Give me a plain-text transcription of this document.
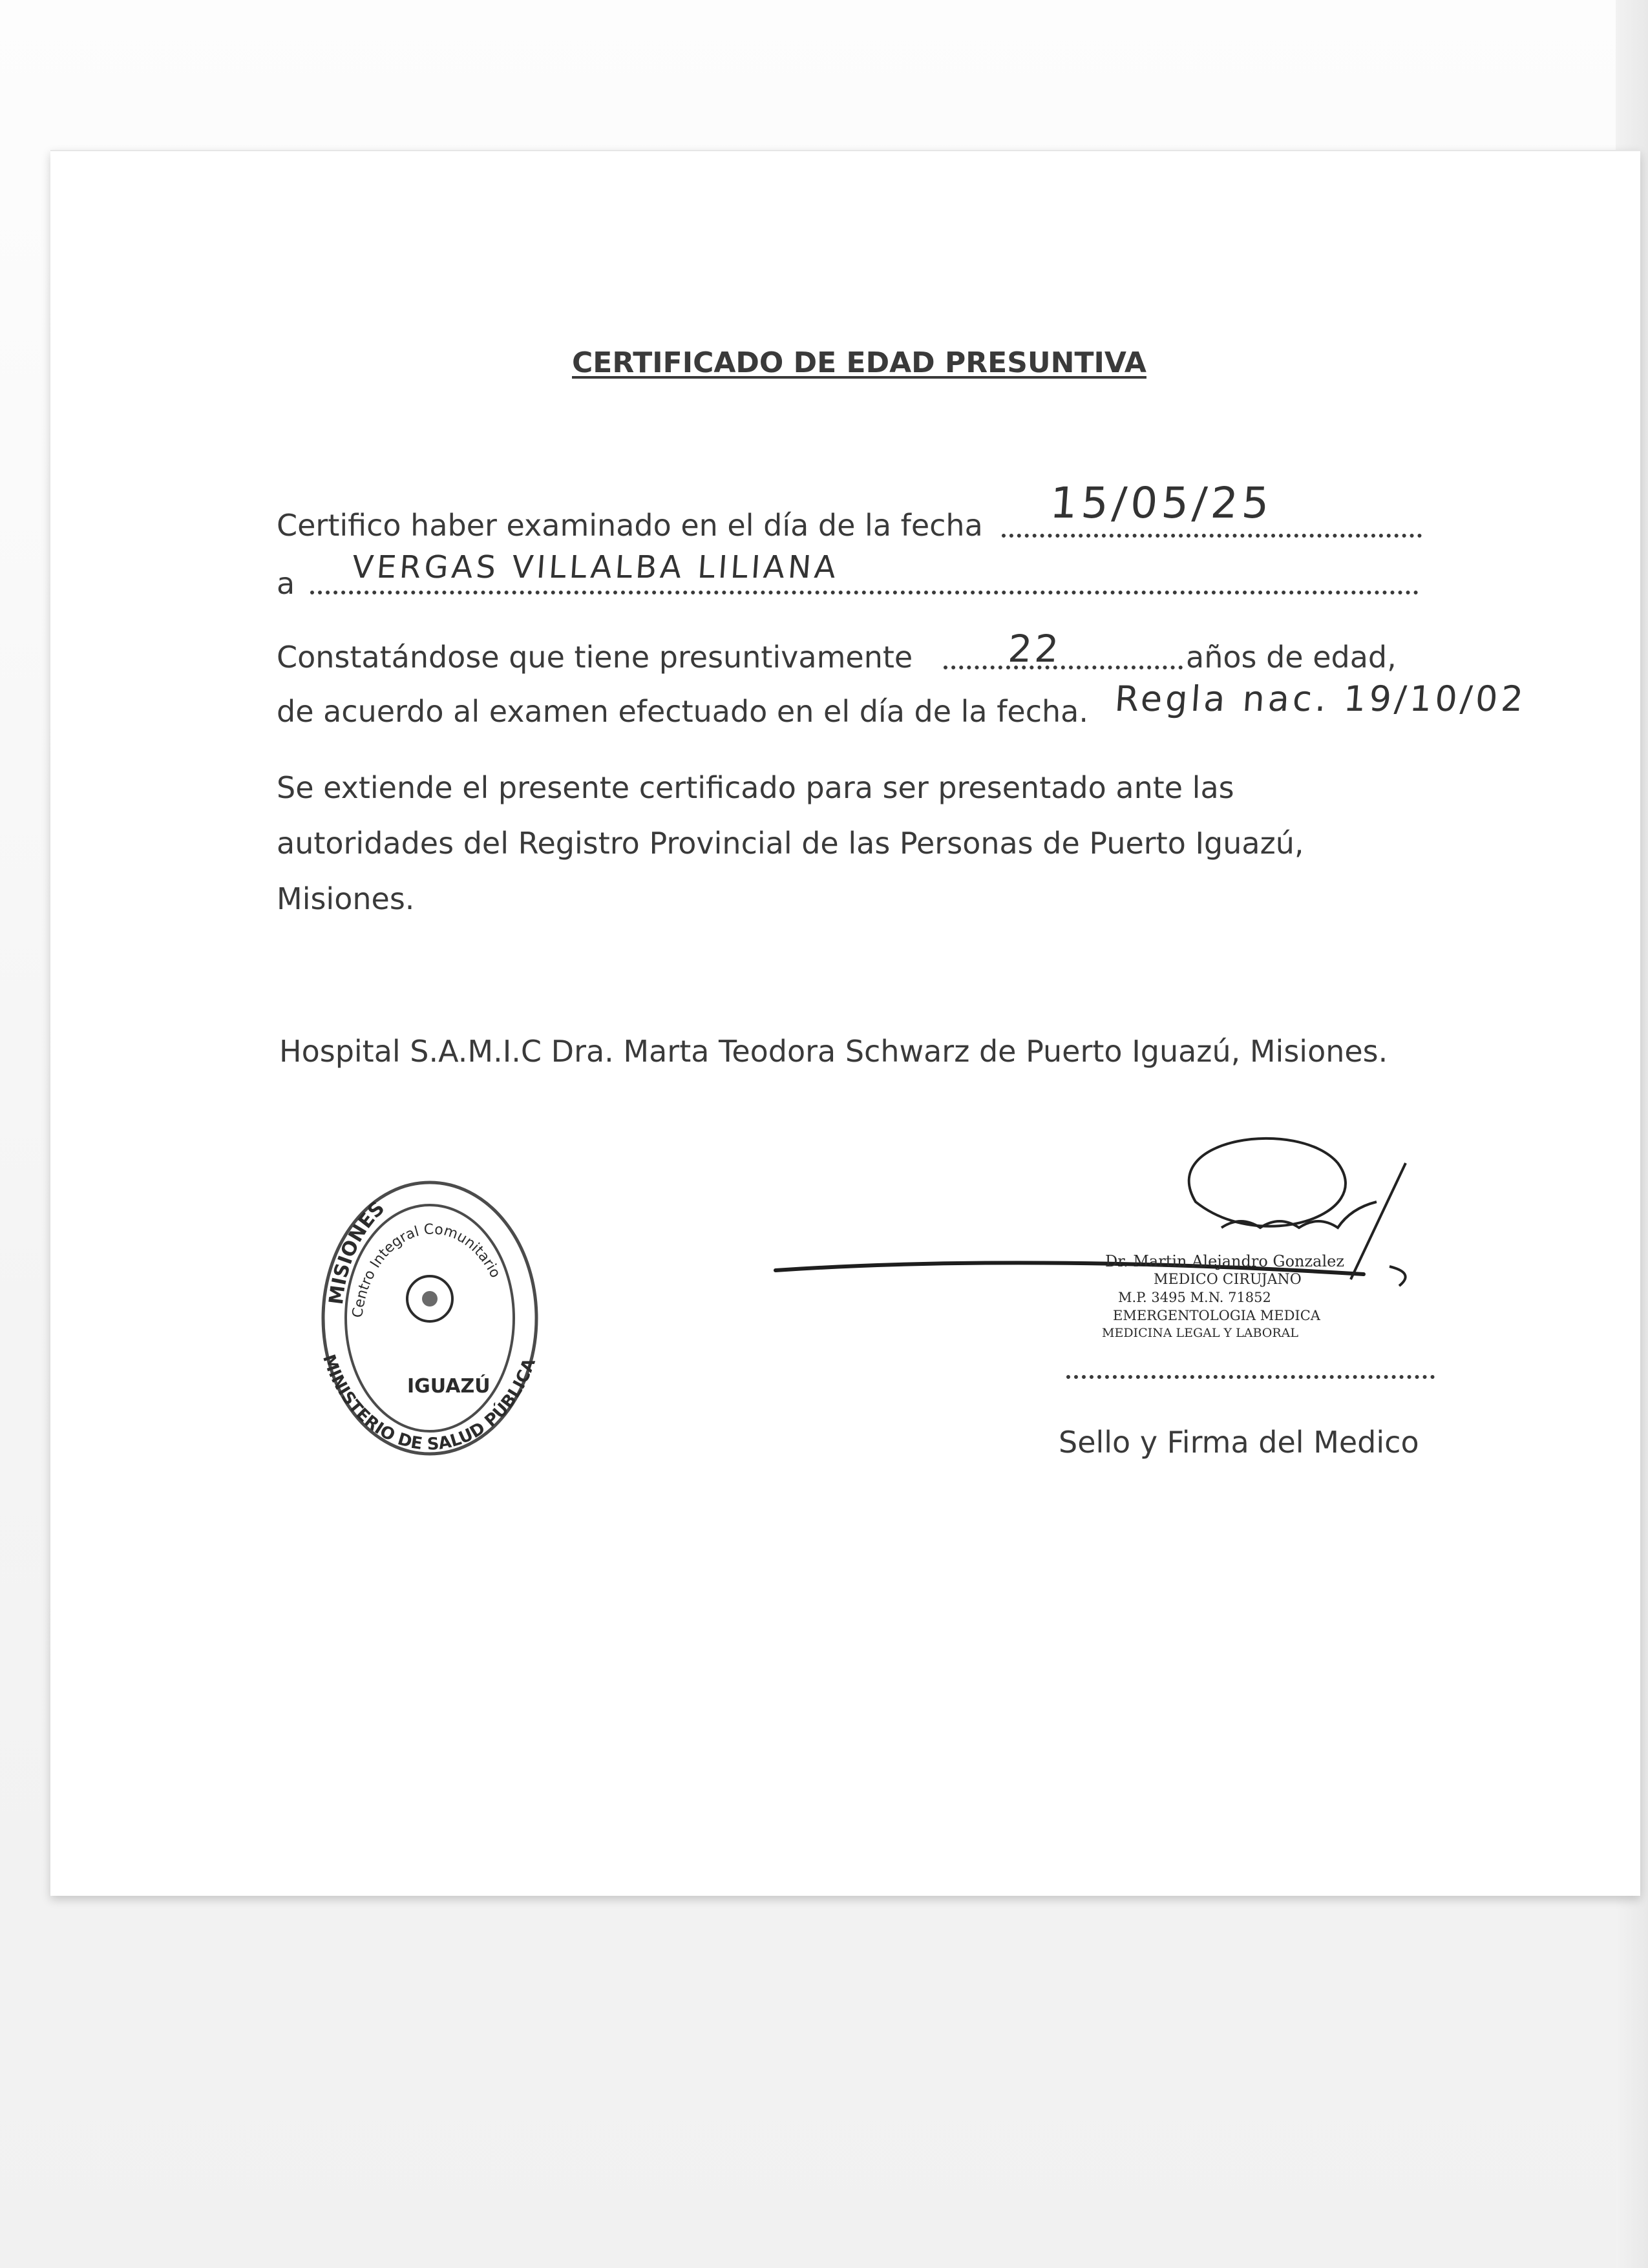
CERTIFICADO DE EDAD PRESUNTIVA
Certifico haber examinado en el día de la fecha 15/05/25
a VERGAS VILLALBA LILIANA
Constatándose que tiene presuntivamente	22	años de edad,
de acuerdo al examen efectuado en el día de la fecha. Regla nac. 19/10/02
Se extiende el presente certificado para ser presentado ante las
autoridades del Registro Provincial de las Personas de Puerto Iguazú,
Misiones.
Hospital S.A.M.I.C Dra. Marta Teodora Schwarz de Puerto Iguazú, Misiones.
MISIONES
Centro Integral Comunitario
IGUAZÚ
MINISTERIO DE SALUD PÚBLICA
Dr. Martin Alejandro Gonzalez
MEDICO CIRUJANO
M.P. 3495 M.N. 71852
EMERGENTOLOGIA MEDICA
MEDICINA LEGAL Y LABORAL
Sello y Firma del Medico
